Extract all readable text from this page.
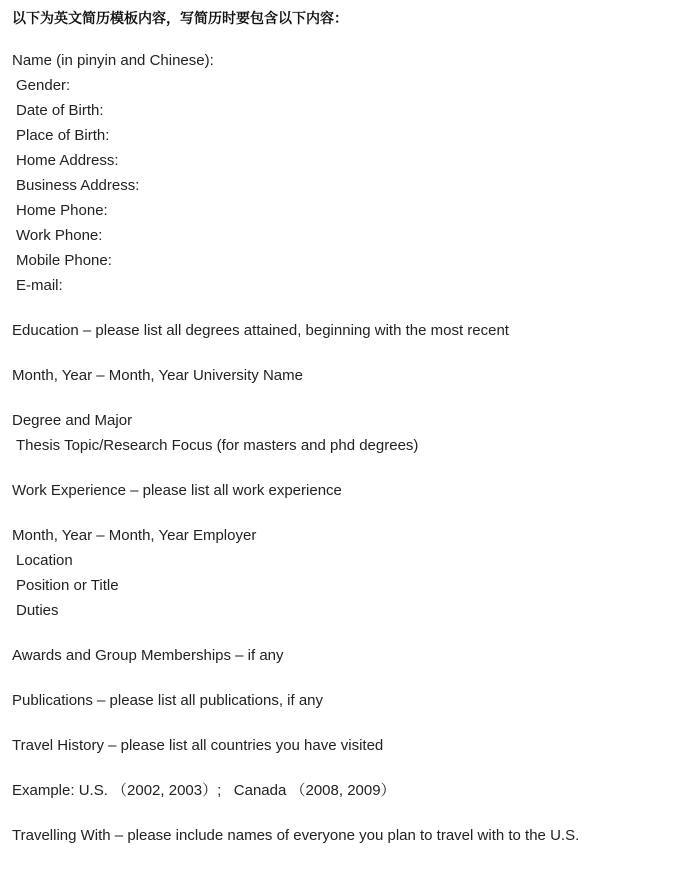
以下为英文简历模板内容，写简历时要包含以下内容：
Name (in pinyin and Chinese):
Gender:
Date of Birth:
Place of Birth:
Home Address:
Business Address:
Home Phone:
Work Phone:
Mobile Phone:
E-mail:
Education – please list all degrees attained, beginning with the most recent
Month, Year – Month, Year University Name
Degree and Major
Thesis Topic/Research Focus (for masters and phd degrees)
Work Experience – please list all work experience
Month, Year – Month, Year Employer
Location
Position or Title
Duties
Awards and Group Memberships – if any
Publications – please list all publications, if any
Travel History – please list all countries you have visited
Example: U.S. （2002, 2003）;   Canada （2008, 2009）
Travelling With – please include names of everyone you plan to travel with to the U.S.
